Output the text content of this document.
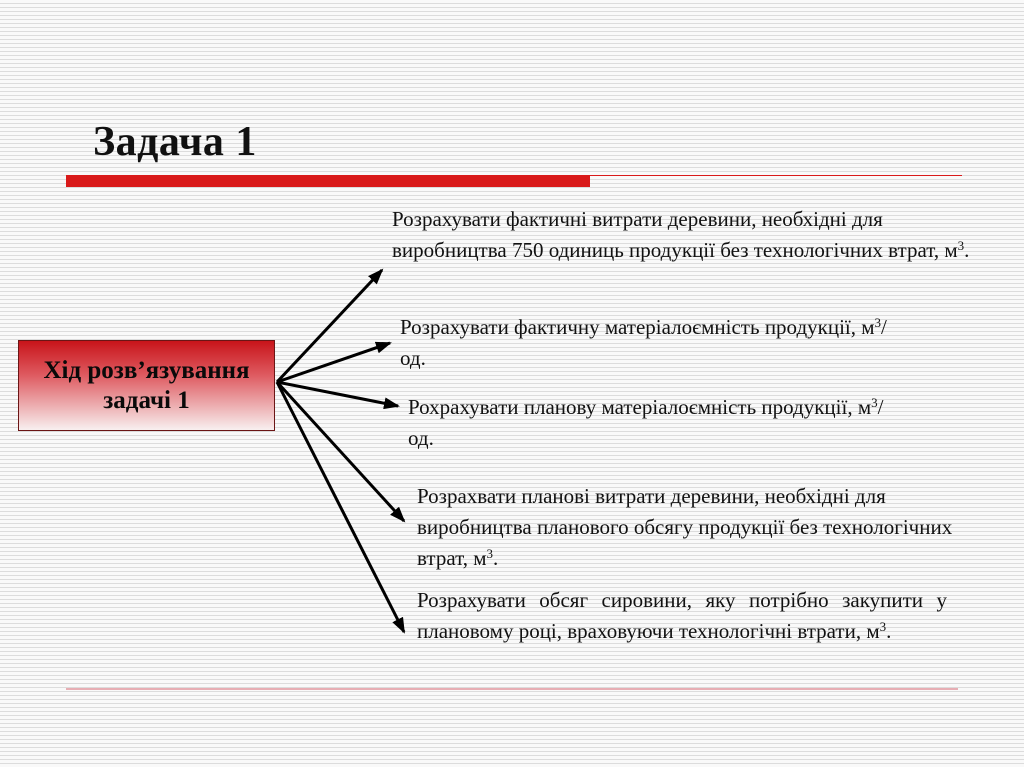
Задача 1
Хід розв’язування
задачі 1
Розрахувати фактичні витрати деревини, необхідні для виробництва 750 одиниць продукції без технологічних втрат, $м^3$.
Розрахувати фактичну матеріалоємність продукції, $м^3/од$.
Рохрахувати планову матеріалоємність продукції, $м^3/од$.
Розрахвати планові витрати деревини, необхідні для виробництва планового обсягу продукції без технологічних втрат, $м^3$.
Розрахувати обсяг сировини, яку потрібно закупити у плановому році, враховуючи технологічні втрати, $м^3$.
